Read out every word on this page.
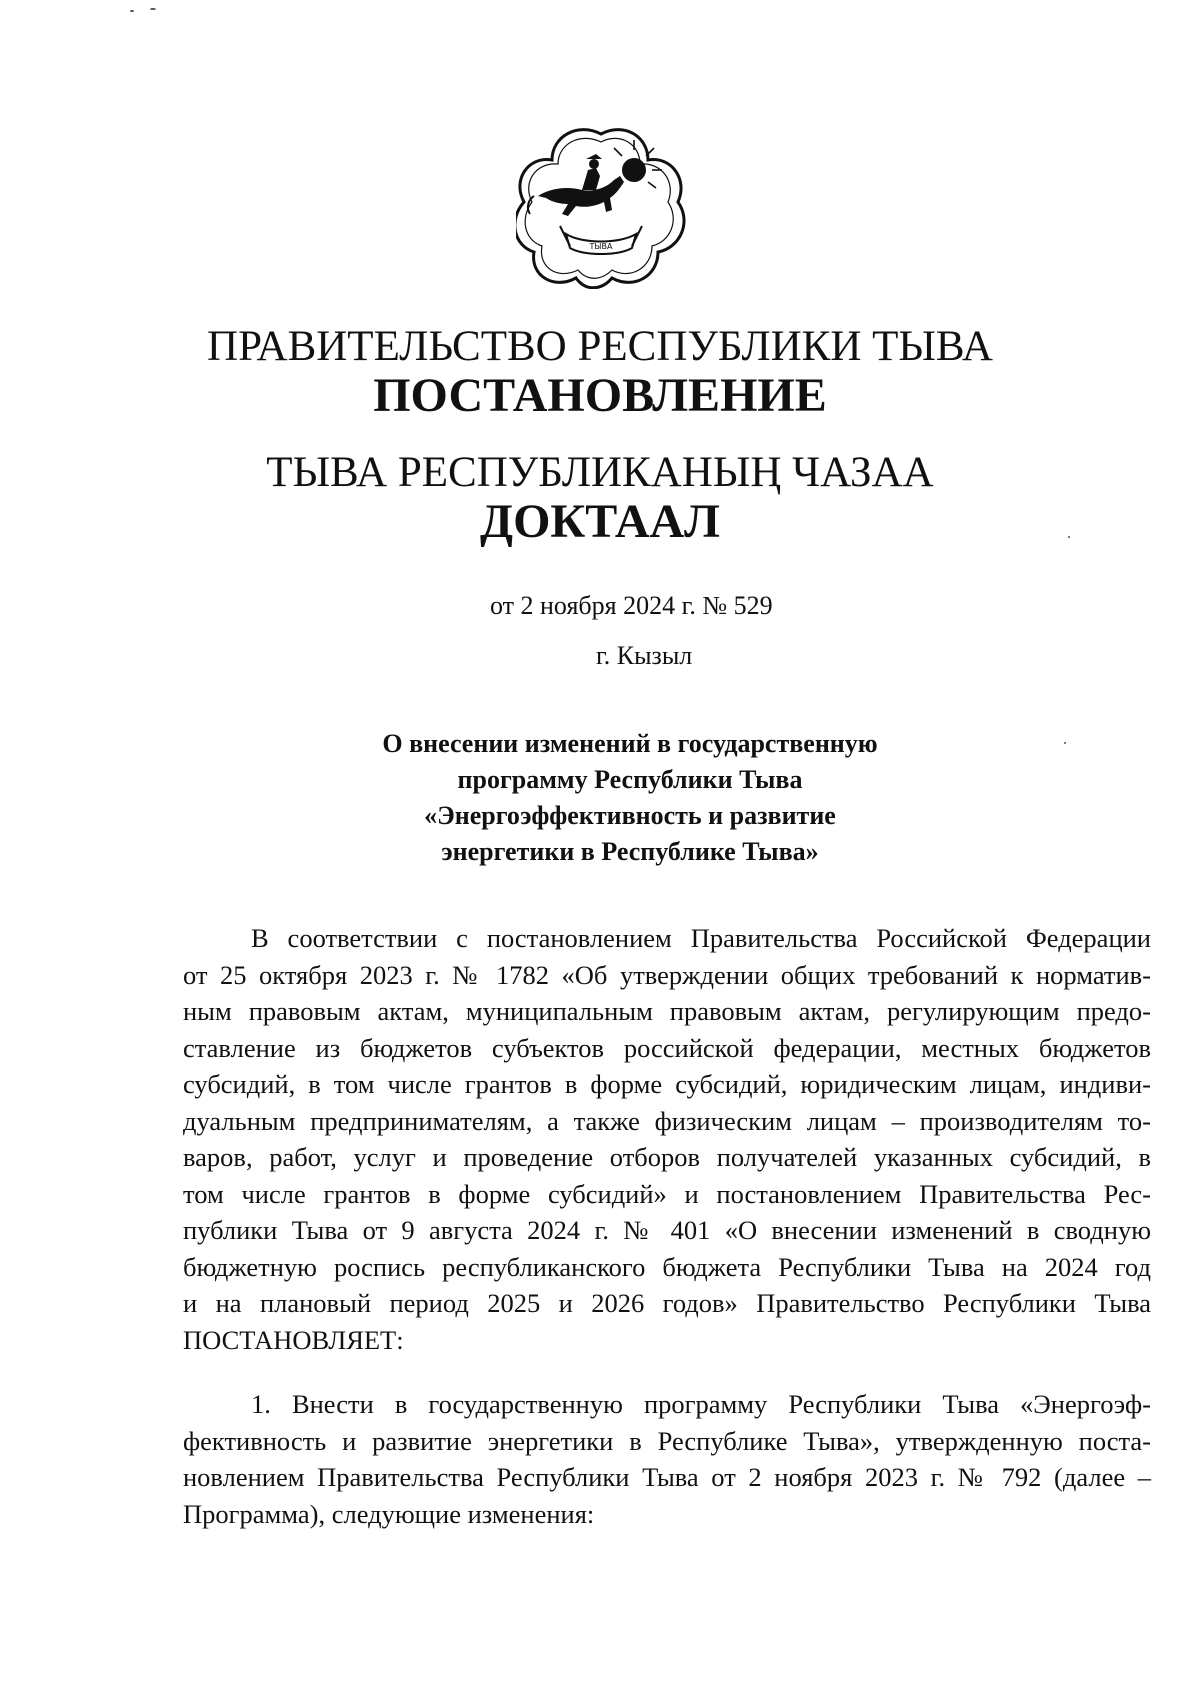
ТЫВА
ПРАВИТЕЛЬСТВО РЕСПУБЛИКИ ТЫВА
ПОСТАНОВЛЕНИЕ
ТЫВА РЕСПУБЛИКАНЫҢ ЧАЗАА
ДОКТААЛ
от 2 ноября 2024 г. № 529
г. Кызыл
О внесении изменений в государственную
программу Республики Тыва
«Энергоэффективность и развитие
энергетики в Республике Тыва»
В соответствии с постановлением Правительства Российской Федерации
от 25 октября 2023 г. № 1782 «Об утверждении общих требований к норматив-
ным правовым актам, муниципальным правовым актам, регулирующим предо-
ставление из бюджетов субъектов российской федерации, местных бюджетов
субсидий, в том числе грантов в форме субсидий, юридическим лицам, индиви-
дуальным предпринимателям, а также физическим лицам – производителям то-
варов, работ, услуг и проведение отборов получателей указанных субсидий, в
том числе грантов в форме субсидий» и постановлением Правительства Рес-
публики Тыва от 9 августа 2024 г. № 401 «О внесении изменений в сводную
бюджетную роспись республиканского бюджета Республики Тыва на 2024 год
и на плановый период 2025 и 2026 годов» Правительство Республики Тыва
ПОСТАНОВЛЯЕТ:
1. Внести в государственную программу Республики Тыва «Энергоэф-
фективность и развитие энергетики в Республике Тыва», утвержденную поста-
новлением Правительства Республики Тыва от 2 ноября 2023 г. № 792 (далее –
Программа), следующие изменения:
